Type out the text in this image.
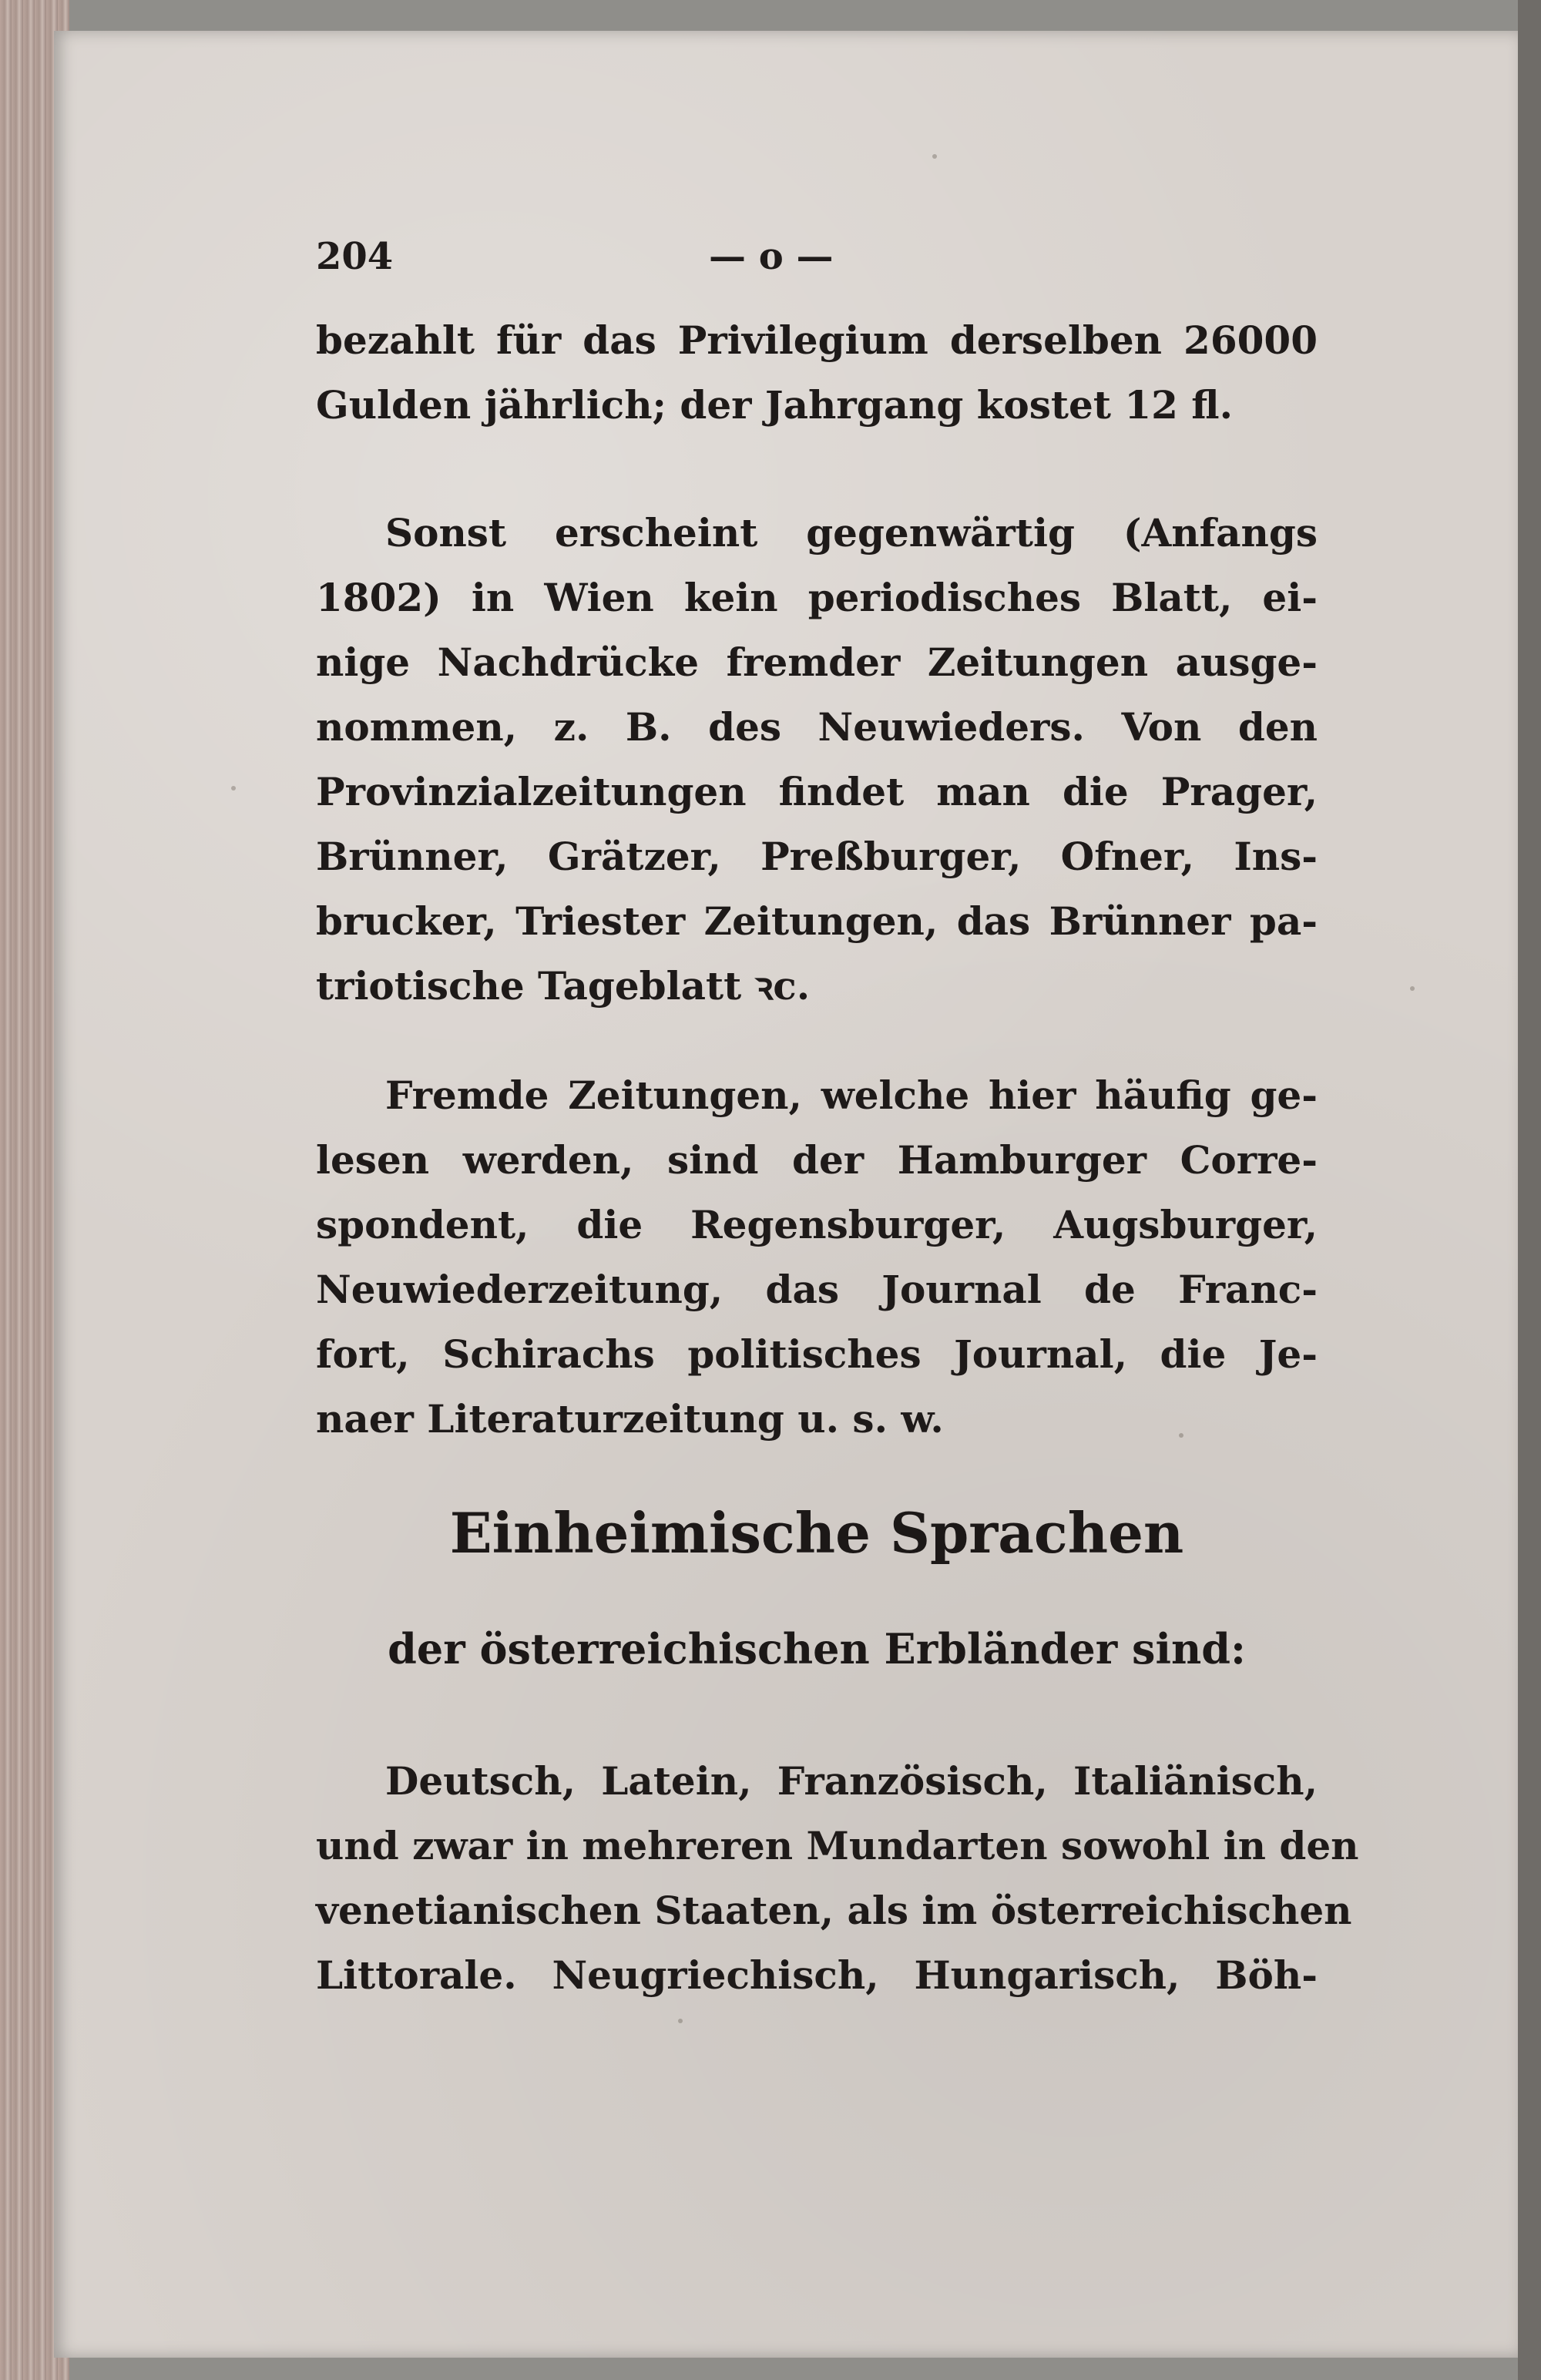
204	— o —
bezahlt für das Privilegium derselben 26000
Gulden jährlich; der Jahrgang kostet 12 fl.
Sonst erscheint gegenwärtig (Anfangs
1802) in Wien kein periodisches Blatt, ei-
nige Nachdrücke fremder Zeitungen ausge-
nommen, z. B. des Neuwieders. Von den
Provinzialzeitungen findet man die Prager,
Brünner, Grätzer, Preßburger, Ofner, Ins-
brucker, Triester Zeitungen, das Brünner pa-
triotische Tageblatt ꝛc.
Fremde Zeitungen, welche hier häufig ge-
lesen werden, sind der Hamburger Corre-
spondent, die Regensburger, Augsburger,
Neuwiederzeitung, das Journal de Franc-
fort, Schirachs politisches Journal, die Je-
naer Literaturzeitung u. s. w.
Einheimische Sprachen
der österreichischen Erbländer sind:
Deutsch, Latein, Französisch, Italiänisch,
und zwar in mehreren Mundarten sowohl in den
venetianischen Staaten, als im österreichischen
Littorale. Neugriechisch, Hungarisch, Böh-
